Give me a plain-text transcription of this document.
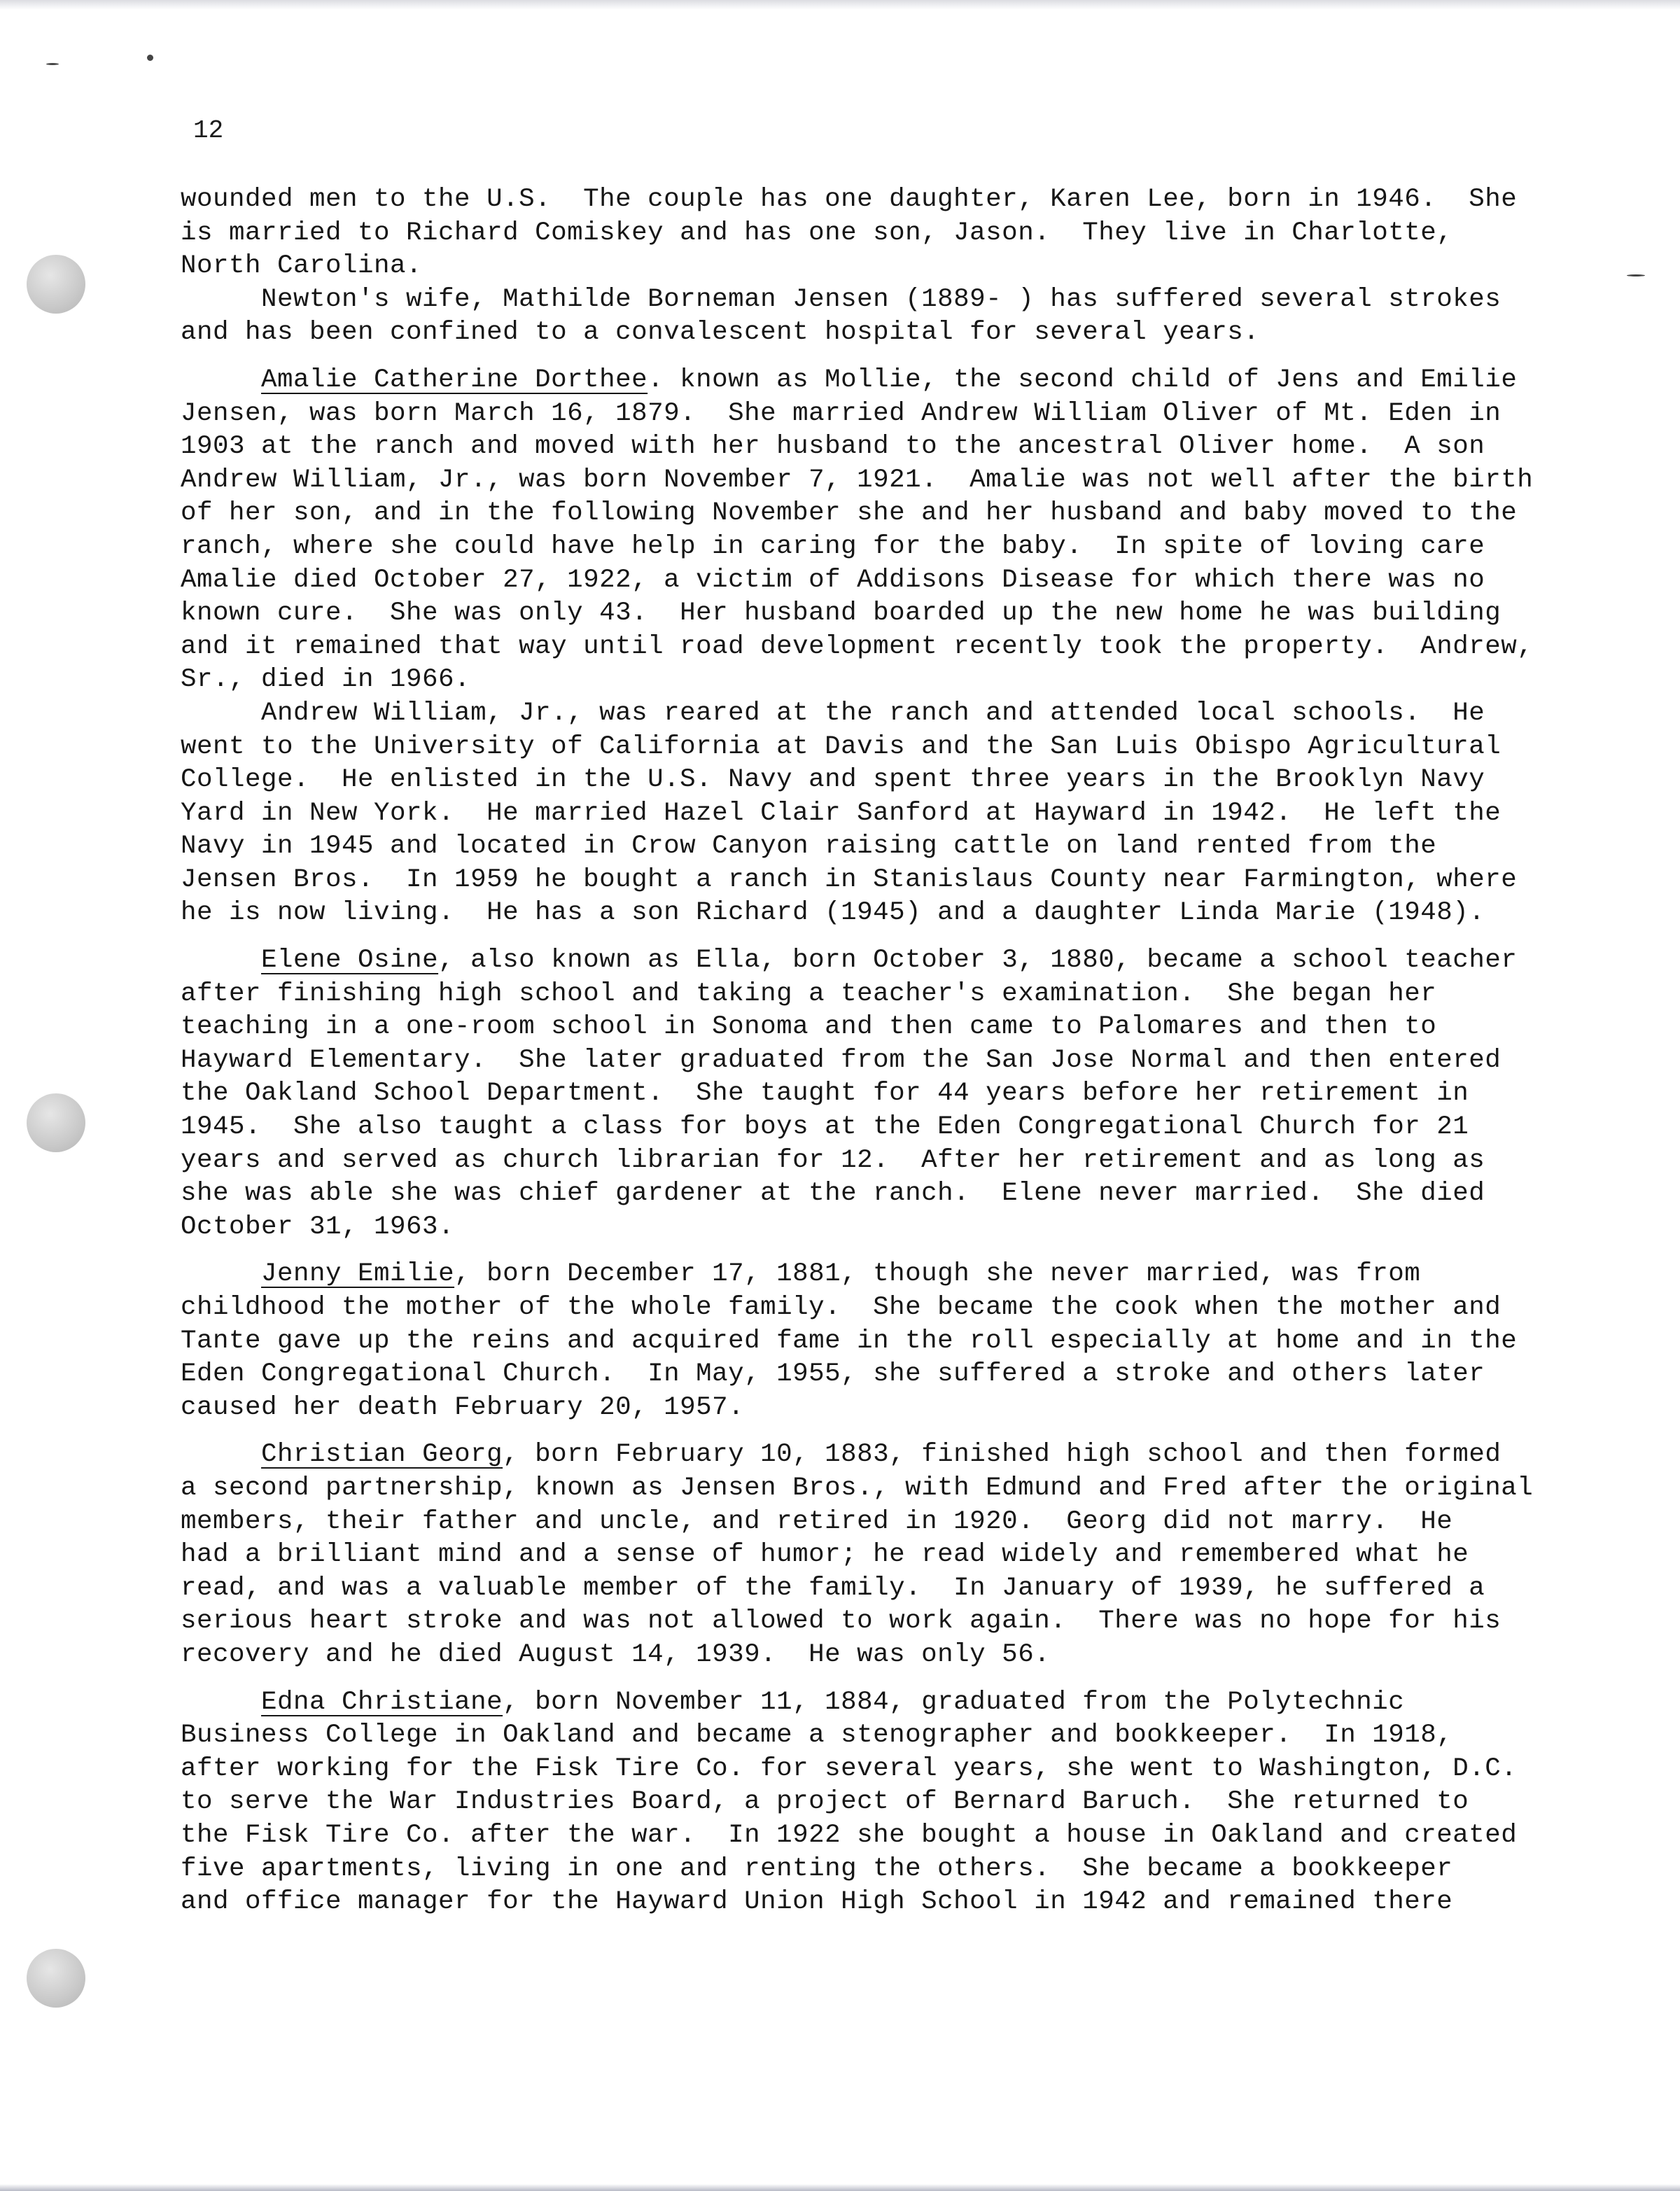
12

wounded men to the U.S.  The couple has one daughter, Karen Lee, born in 1946.  She

is married to Richard Comiskey and has one son, Jason.  They live in Charlotte,

North Carolina.

Newton's wife, Mathilde Borneman Jensen (1889- ) has suffered several strokes

and has been confined to a convalescent hospital for several years.

Amalie Catherine Dorthee. known as Mollie, the second child of Jens and Emilie

Jensen, was born March 16, 1879.  She married Andrew William Oliver of Mt. Eden in

1903 at the ranch and moved with her husband to the ancestral Oliver home.  A son

Andrew William, Jr., was born November 7, 1921.  Amalie was not well after the birth

of her son, and in the following November she and her husband and baby moved to the

ranch, where she could have help in caring for the baby.  In spite of loving care

Amalie died October 27, 1922, a victim of Addisons Disease for which there was no

known cure.  She was only 43.  Her husband boarded up the new home he was building

and it remained that way until road development recently took the property.  Andrew,

Sr., died in 1966.

Andrew William, Jr., was reared at the ranch and attended local schools.  He

went to the University of California at Davis and the San Luis Obispo Agricultural

College.  He enlisted in the U.S. Navy and spent three years in the Brooklyn Navy

Yard in New York.  He married Hazel Clair Sanford at Hayward in 1942.  He left the

Navy in 1945 and located in Crow Canyon raising cattle on land rented from the

Jensen Bros.  In 1959 he bought a ranch in Stanislaus County near Farmington, where

he is now living.  He has a son Richard (1945) and a daughter Linda Marie (1948).

Elene Osine, also known as Ella, born October 3, 1880, became a school teacher

after finishing high school and taking a teacher's examination.  She began her

teaching in a one-room school in Sonoma and then came to Palomares and then to

Hayward Elementary.  She later graduated from the San Jose Normal and then entered

the Oakland School Department.  She taught for 44 years before her retirement in

1945.  She also taught a class for boys at the Eden Congregational Church for 21

years and served as church librarian for 12.  After her retirement and as long as

she was able she was chief gardener at the ranch.  Elene never married.  She died

October 31, 1963.

Jenny Emilie, born December 17, 1881, though she never married, was from

childhood the mother of the whole family.  She became the cook when the mother and

Tante gave up the reins and acquired fame in the roll especially at home and in the

Eden Congregational Church.  In May, 1955, she suffered a stroke and others later

caused her death February 20, 1957.

Christian Georg, born February 10, 1883, finished high school and then formed

a second partnership, known as Jensen Bros., with Edmund and Fred after the original

members, their father and uncle, and retired in 1920.  Georg did not marry.  He

had a brilliant mind and a sense of humor; he read widely and remembered what he

read, and was a valuable member of the family.  In January of 1939, he suffered a

serious heart stroke and was not allowed to work again.  There was no hope for his

recovery and he died August 14, 1939.  He was only 56.

Edna Christiane, born November 11, 1884, graduated from the Polytechnic

Business College in Oakland and became a stenographer and bookkeeper.  In 1918,

after working for the Fisk Tire Co. for several years, she went to Washington, D.C.

to serve the War Industries Board, a project of Bernard Baruch.  She returned to

the Fisk Tire Co. after the war.  In 1922 she bought a house in Oakland and created

five apartments, living in one and renting the others.  She became a bookkeeper

and office manager for the Hayward Union High School in 1942 and remained there
